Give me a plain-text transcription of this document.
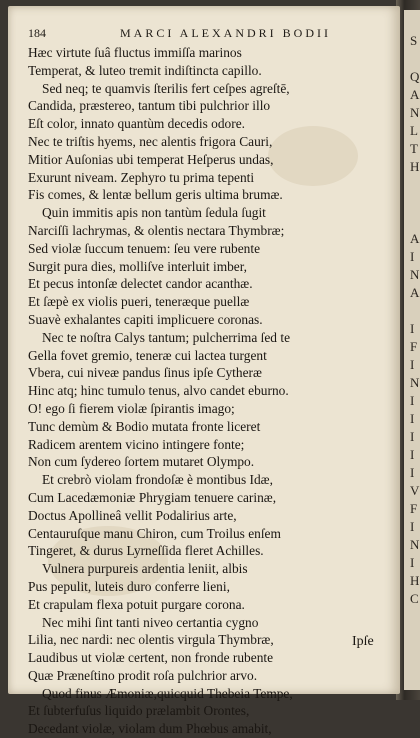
S
Q
A
N
L
T
H
A
I
N
A
I
F
I
N
I
I
I
I
I
V
F
I
N
I
H
C
184	MARCI ALEXANDRI BODII
Hæc virtute ſuâ fluctus immiſſa marinos
Temperat, & luteo tremit indiſtincta capillo.
Sed neq; te quamvis ſterilis fert ceſpes agreſtē,
Candida, præstereo, tantum tibi pulchrior illo
Eſt color, innato quantùm decedis odore.
Nec te triſtis hyems, nec alentis frigora Cauri,
Mitior Auſonias ubi temperat Heſperus undas,
Exurunt niveam. Zephyro tu prima tepenti
Fis comes, & lentæ bellum geris ultima brumæ.
Quin immitis apis non tantùm ſedula ſugit
Narciſſi lachrymas, & olentis nectara Thymbræ;
Sed violæ ſuccum tenuem: ſeu vere rubente
Surgit pura dies, molliſve interluit imber,
Et pecus intonſæ delectet candor acanthæ.
Et ſæpè ex violis pueri, teneræque puellæ
Suavè exhalantes capiti implicuere coronas.
Nec te noſtra Calys tantum; pulcherrima ſed te
Gella fovet gremio, teneræ cui lactea turgent
Vbera, cui niveæ pandus ſinus ipſe Cytheræ
Hinc atq; hinc tumulo tenus, alvo candet eburno.
O! ego ſi fierem violæ ſpirantis imago;
Tunc demùm & Bodio mutata fronte liceret
Radicem arentem vicino intingere fonte;
Non cum ſydereo ſortem mutaret Olympo.
Et crebrò violam frondoſæ è montibus Idæ,
Cum Lacedæmoniæ Phrygiam tenuere carinæ,
Doctus Apollineâ vellit Podalirius arte,
Centauruſque manu Chiron, cum Troilus enſem
Tingeret, & durus Lyrneſſida fleret Achilles.
Vulnera purpureis ardentia leniit, albis
Pus pepulit, luteis duro conferre lieni,
Et crapulam flexa potuit purgare corona.
Nec mihi ſint tanti niveo certantia cygno
Lilia, nec nardi: nec olentis virgula Thymbræ,
Laudibus ut violæ certent, non fronde rubente
Quæ Præneſtino prodit roſa pulchrior arvo.
Quod finus Æmoniæ,quicquid Thebeia Tempe,
Et ſubterfuſus liquido prælambit Orontes,
Decedant violæ, violam dum Phœbus amabit,
Ipſe
